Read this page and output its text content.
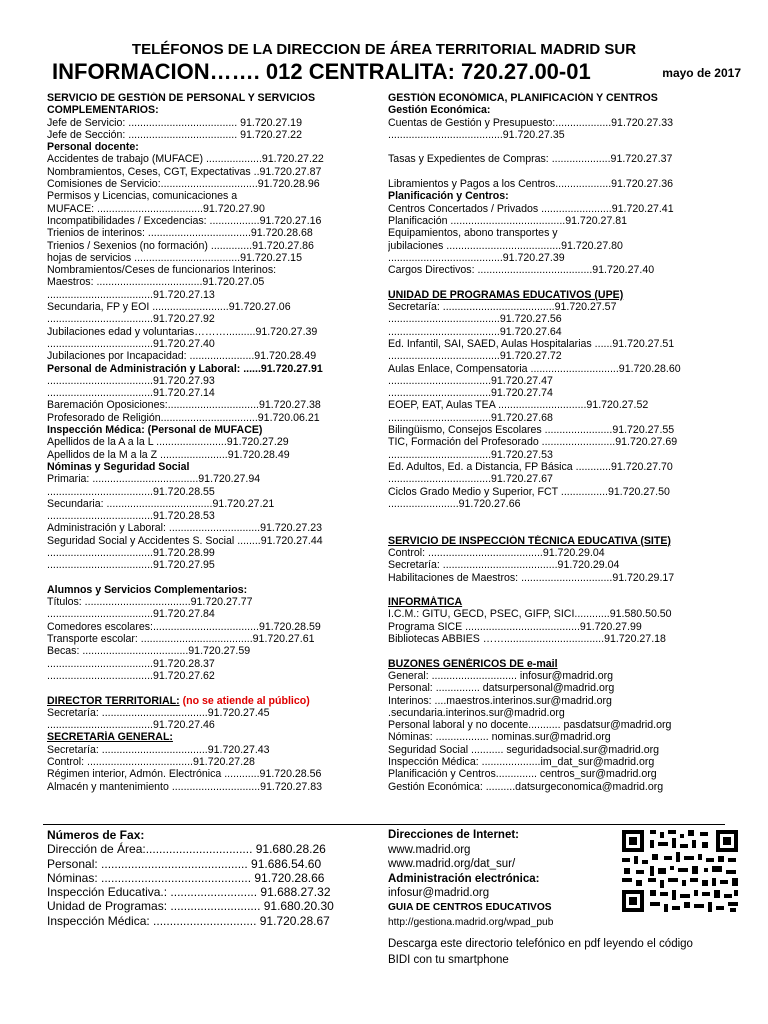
TELÉFONOS DE LA DIRECCION DE ÁREA TERRITORIAL MADRID SUR
INFORMACION……. 012 CENTRALITA: 720.27.00-01	mayo de 2017
SERVICIO DE GESTIÓN DE PERSONAL Y SERVICIOS
COMPLEMENTARIOS:
Jefe de Servicio: ..................................... 91.720.27.19
Jefe de Sección: ..................................... 91.720.27.22
Personal docente:
Accidentes de trabajo (MUFACE) ...................91.720.27.22
Nombramientos, Ceses, CGT, Expectativas ..91.720.27.87
Comisiones de Servicio:.................................91.720.28.96
Permisos y Licencias, comunicaciones a
MUFACE: ....................................91.720.27.90
Incompatibilidades / Excedencias: .................91.720.27.16
Trienios de interinos: ...................................91.720.28.68
Trienios / Sexenios (no formación) ..............91.720.27.86
hojas de servicios ....................................91.720.27.15
Nombramientos/Ceses de funcionarios Interinos:
Maestros: ....................................91.720.27.05
....................................91.720.27.13
Secundaria, FP y EOI ..........................91.720.27.06
....................................91.720.27.92
Jubilaciones edad y voluntarias………..........91.720.27.39
....................................91.720.27.40
Jubilaciones por Incapacidad: ......................91.720.28.49
Personal de Administración y Laboral: ......91.720.27.91
....................................91.720.27.93
....................................91.720.27.14
Baremación Oposiciones:...............................91.720.27.38
Profesorado de Religión.................................91.720.06.21
Inspección Médica: (Personal de MUFACE)
Apellidos de la A a la L ........................91.720.27.29
Apellidos de la M a la Z .......................91.720.28.49
Nóminas y Seguridad Social
Primaria: ....................................91.720.27.94
....................................91.720.28.55
Secundaria: ....................................91.720.27.21
....................................91.720.28.53
Administración y Laboral: ...............................91.720.27.23
Seguridad Social y Accidentes S. Social ........91.720.27.44
....................................91.720.28.99
....................................91.720.27.95
Alumnos y Servicios Complementarios:
Títulos: ....................................91.720.27.77
....................................91.720.27.84
Comedores escolares:....................................91.720.28.59
Transporte escolar: ......................................91.720.27.61
Becas: ....................................91.720.27.59
....................................91.720.28.37
....................................91.720.27.62
DIRECTOR TERRITORIAL: (no se atiende al público)
Secretaría: ....................................91.720.27.45
....................................91.720.27.46
SECRETARÍA GENERAL:
Secretaría: ....................................91.720.27.43
Control: ....................................91.720.27.28
Régimen interior, Admón. Electrónica ............91.720.28.56
Almacén y mantenimiento ..............................91.720.27.83
GESTIÓN ECONÓMICA, PLANIFICACIÓN Y CENTROS
Gestión Económica:
Cuentas de Gestión y Presupuesto:...................91.720.27.33
.......................................91.720.27.35
Tasas y Expedientes de Compras: ....................91.720.27.37
Libramientos y Pagos a los Centros...................91.720.27.36
Planificación y Centros:
Centros Concertados / Privados ........................91.720.27.41
Planificación .......................................91.720.27.81
Equipamientos, abono transportes y
jubilaciones .......................................91.720.27.80
.......................................91.720.27.39
Cargos Directivos: .......................................91.720.27.40
UNIDAD DE PROGRAMAS EDUCATIVOS (UPE)
Secretaría: ......................................91.720.27.57
......................................91.720.27.56
......................................91.720.27.64
Ed. Infantil, SAI, SAED, Aulas Hospitalarias ......91.720.27.51
......................................91.720.27.72
Aulas Enlace, Compensatoria ..............................91.720.28.60
...................................91.720.27.47
...................................91.720.27.74
EOEP, EAT, Aulas TEA ..............................91.720.27.52
...................................91.720.27.68
Bilingüismo, Consejos Escolares .......................91.720.27.55
TIC, Formación del Profesorado .........................91.720.27.69
...................................91.720.27.53
Ed. Adultos, Ed. a Distancia, FP Básica ............91.720.27.70
...................................91.720.27.67
Ciclos Grado Medio y Superior, FCT ................91.720.27.50
........................91.720.27.66
SERVICIO DE INSPECCIÓN TÉCNICA EDUCATIVA (SITE)
Control: .......................................91.720.29.04
Secretaría: .......................................91.720.29.04
Habilitaciones de Maestros: ...............................91.720.29.17
INFORMÁTICA
I.C.M.: GITU, GECD, PSEC, GIFP, SICI............91.580.50.50
Programa SICE .......................................91.720.27.99
Bibliotecas ABBIES ……..................................91.720.27.18
BUZONES GENÉRICOS DE e-mail
General: ............................. infosur@madrid.org
Personal: ............... datsurpersonal@madrid.org
Interinos: ....maestros.interinos.sur@madrid.org
.secundaria.interinos.sur@madrid.org
Personal laboral y no docente........... pasdatsur@madrid.org
Nóminas: .................. nominas.sur@madrid.org
Seguridad Social ........... seguridadsocial.sur@madrid.org
Inspección Médica: ....................im_dat_sur@madrid.org
Planificación y Centros.............. centros_sur@madrid.org
Gestión Económica: ..........datsurgeconomica@madrid.org
Números de Fax:
Dirección de Área:................................ 91.680.28.26
Personal: ............................................ 91.686.54.60
Nóminas: ............................................. 91.720.28.66
Inspección Educativa.: .......................... 91.688.27.32
Unidad de Programas: ........................... 91.680.20.30
Inspección Médica: ............................... 91.720.28.67
Direcciones de Internet:
www.madrid.org
www.madrid.org/dat_sur/
Administración electrónica:
infosur@madrid.org
GUIA DE CENTROS EDUCATIVOS
http://gestiona.madrid.org/wpad_pub
Descarga este directorio telefónico en pdf leyendo el código BIDI con tu smartphone
